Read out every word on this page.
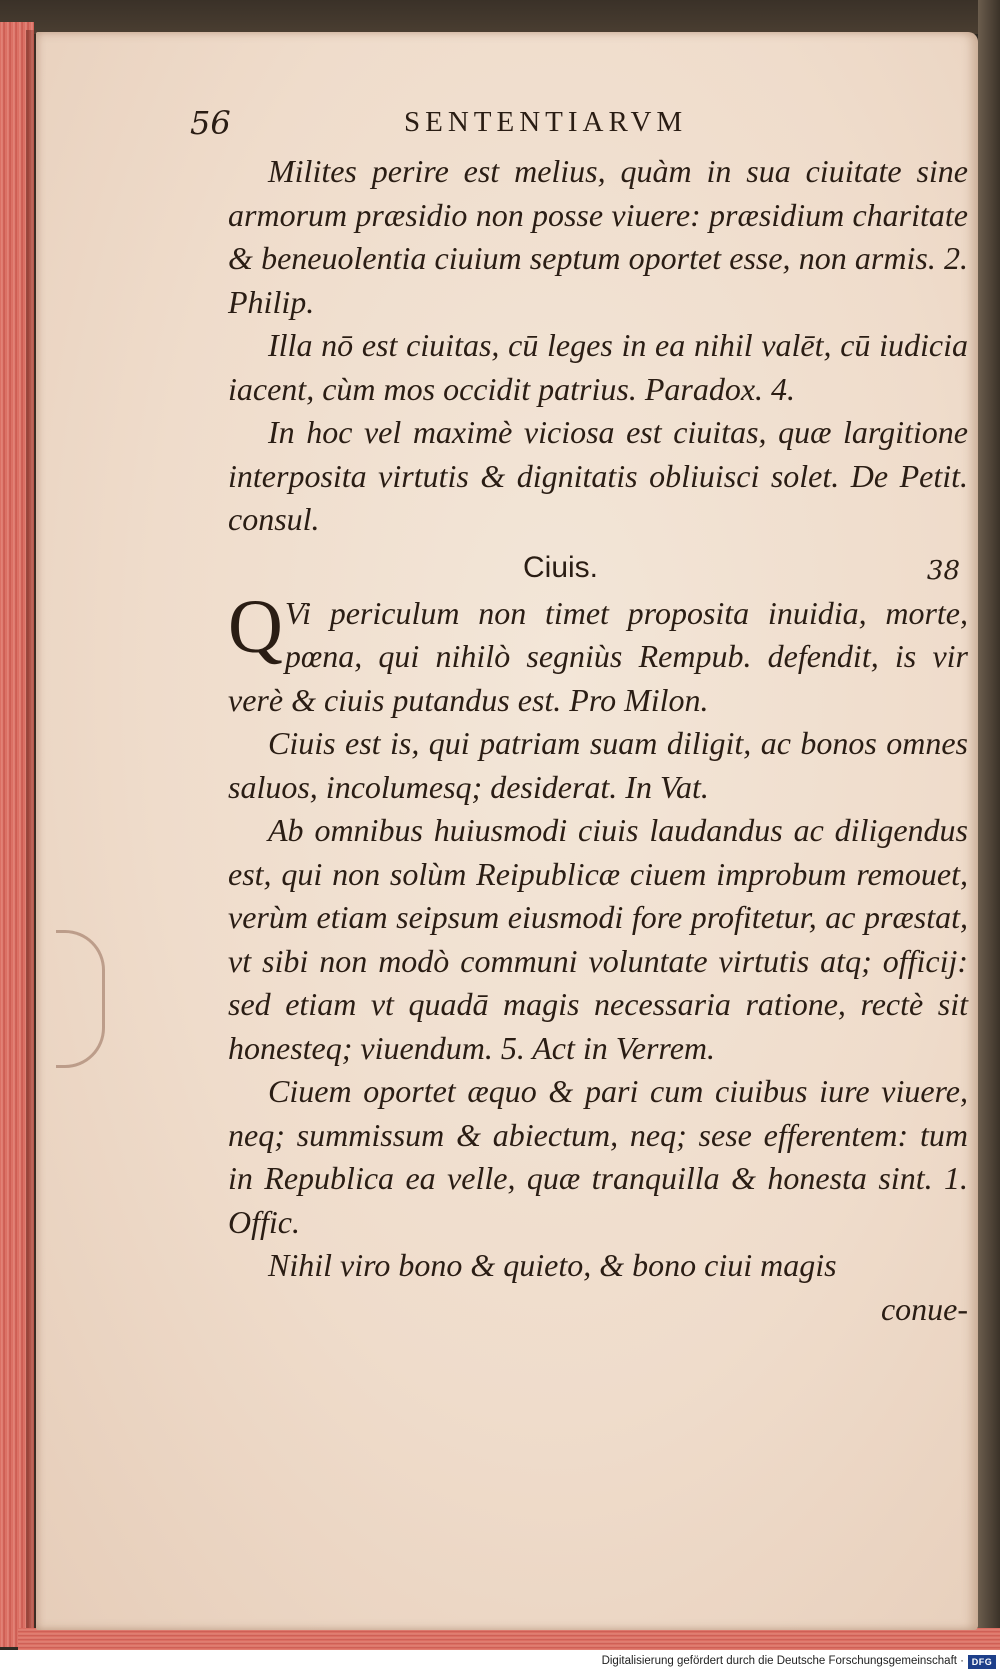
56	SENTENTIARVM

Milites perire est melius, quàm in sua ciuitate sine armorum præsidio non posse viuere: præsidium charitate & beneuolentia ciuium septum oportet esse, non armis. 2. Philip.

Illa nō est ciuitas, cū leges in ea nihil valēt, cū iudicia iacent, cùm mos occidit patrius. Paradox. 4.

In hoc vel maximè viciosa est ciuitas, quæ largitione interposita virtutis & dignitatis obliuisci solet. De Petit. consul.

Ciuis.	38

Q Vi periculum non timet proposita inuidia, morte, pœna, qui nihilò segniùs Rempub. defendit, is vir verè & ciuis putandus est. Pro Milon.

Ciuis est is, qui patriam suam diligit, ac bonos omnes saluos, incolumesq; desiderat. In Vat.

Ab omnibus huiusmodi ciuis laudandus ac diligendus est, qui non solùm Reipublicæ ciuem improbum remouet, verùm etiam seipsum eiusmodi fore profitetur, ac præstat, vt sibi non modò communi voluntate virtutis atq; officij: sed etiam vt quadā magis necessaria ratione, rectè sit honesteq; viuendum. 5. Act in Verrem.

Ciuem oportet æquo & pari cum ciuibus iure viuere, neq; summissum & abiectum, neq; sese efferentem: tum in Republica ea velle, quæ tranquilla & honesta sint. 1. Offic.

Nihil viro bono & quieto, & bono ciui magis

conue-

Digitalisierung gefördert durch die Deutsche Forschungsgemeinschaft · DFG
